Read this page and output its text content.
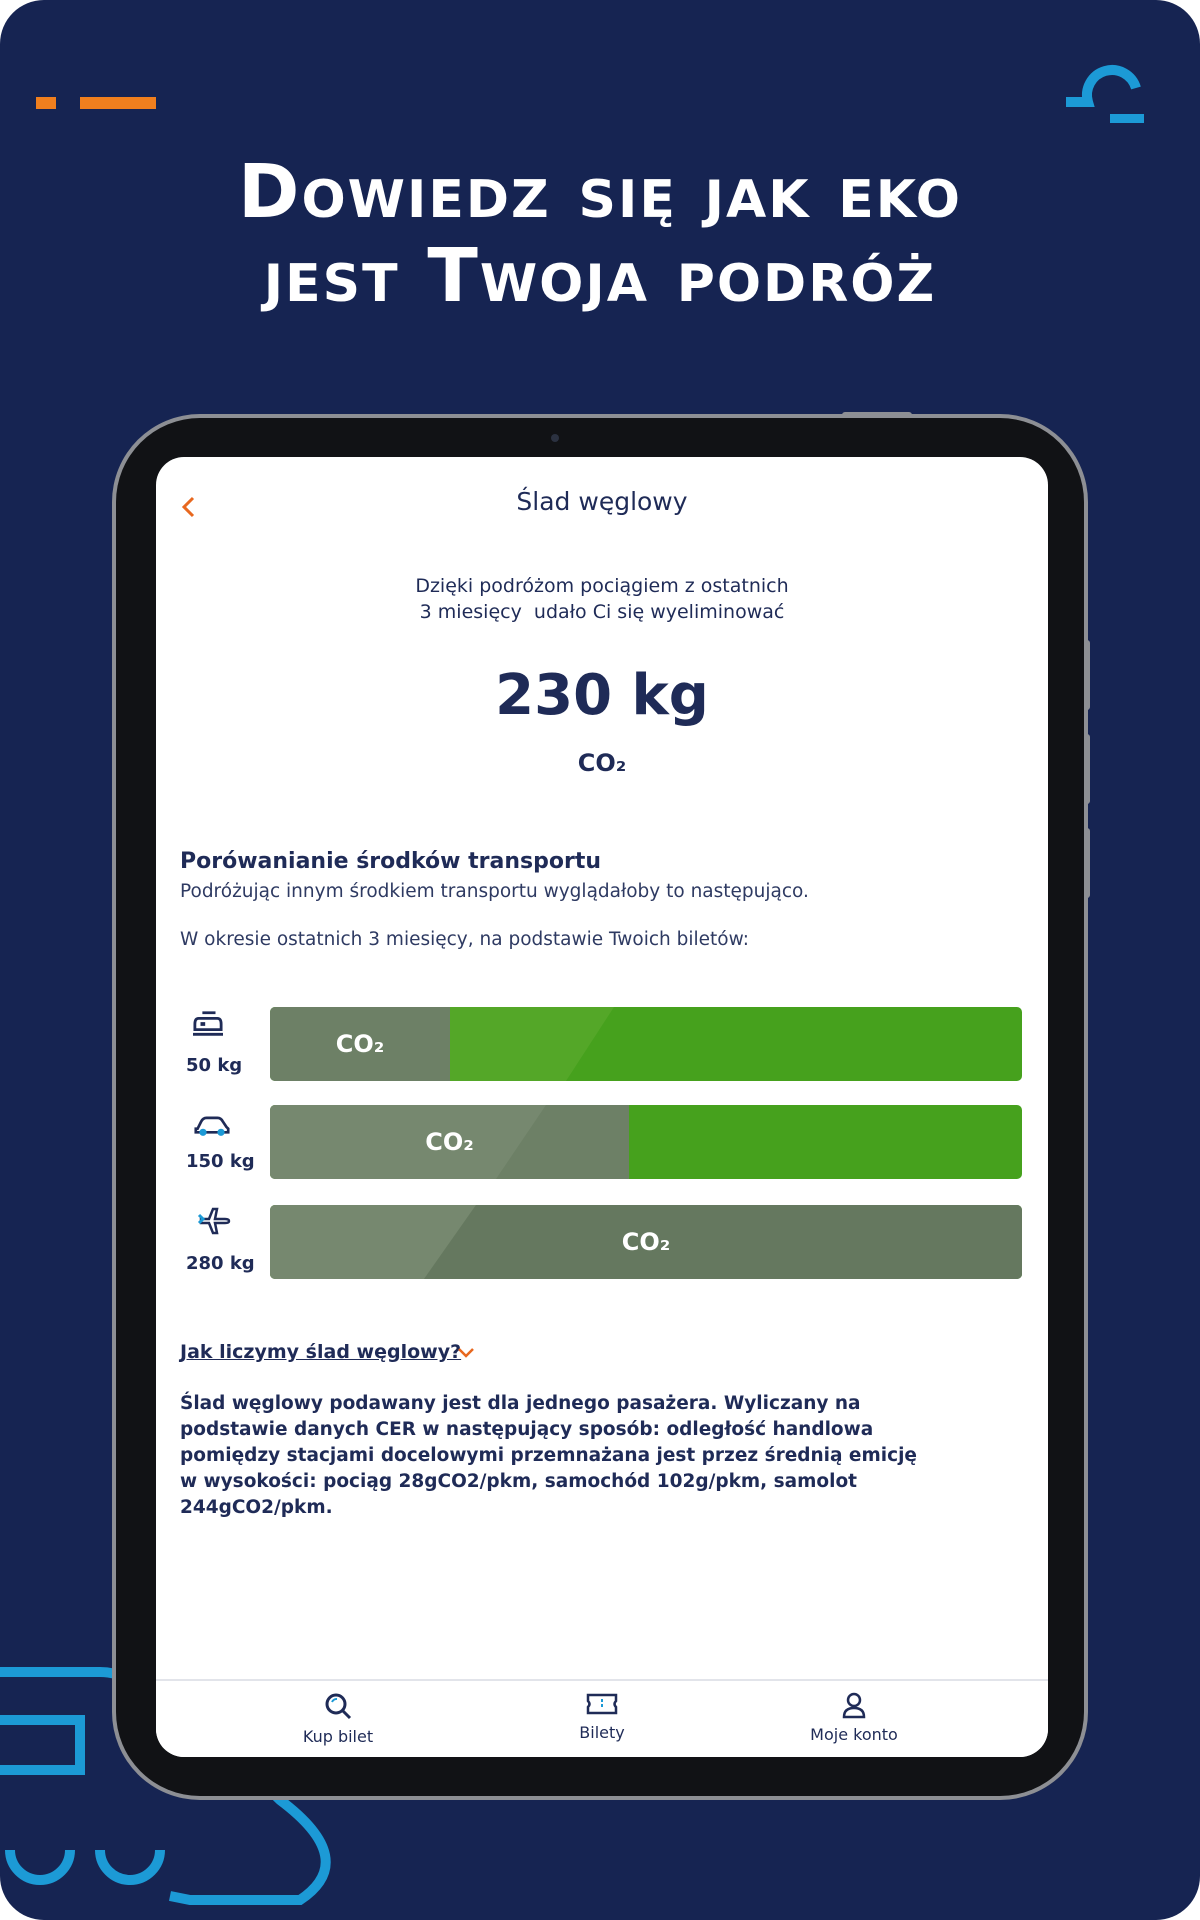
Dowiedz się jak eko
jest Twoja podróż
Ślad węglowy
Dzięki podróżom pociągiem z ostatnich
3 miesięcy  udało Ci się wyeliminować
230 kg
CO₂
Porówanianie środków transportu
Podróżując innym środkiem transportu wyglądałoby to następująco.
W okresie ostatnich 3 miesięcy, na podstawie Twoich biletów:
50 kg
CO₂
150 kg
CO₂
280 kg
CO₂
Jak liczymy ślad węglowy?
Ślad węglowy podawany jest dla jednego pasażera. Wyliczany na podstawie danych CER w następujący sposób: odległość handlowa pomiędzy stacjami docelowymi przemnażana jest przez średnią emicję w wysokości: pociąg 28gCO2/pkm, samochód 102g/pkm, samolot 244gCO2/pkm.
Kup bilet	Bilety	Moje konto
